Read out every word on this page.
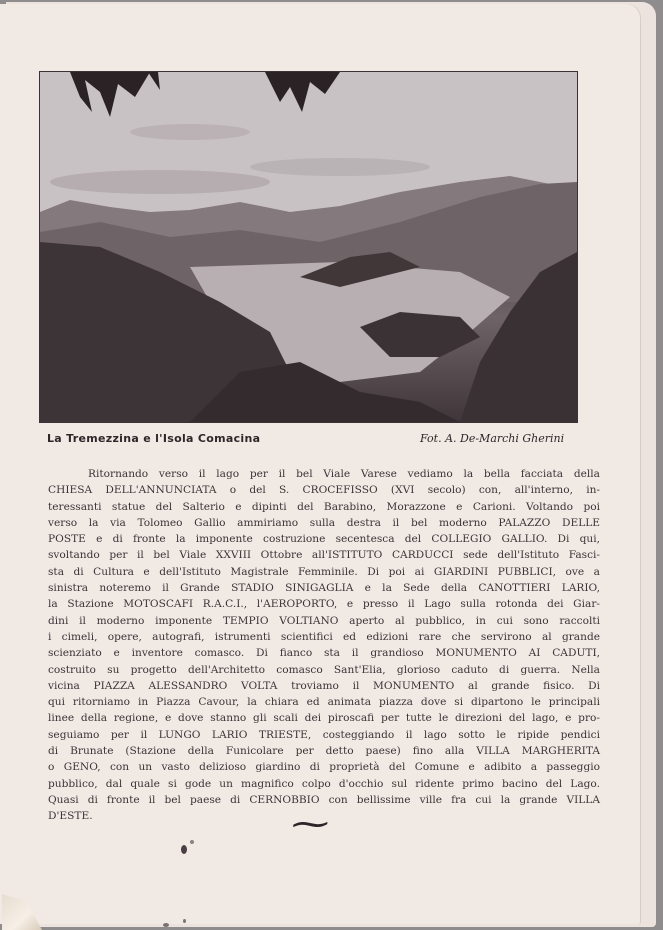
La Tremezzina e l'Isola Comacina	Fot. A. De-Marchi Gherini
Ritornando verso il lago per il bel Viale Varese vediamo la bella facciata della
CHIESA DELL'ANNUNCIATA o del S. CROCEFISSO (XVI secolo) con, all'interno, in-
teressanti statue del Salterio e dipinti del Barabino, Morazzone e Carioni. Voltando poi
verso la via Tolomeo Gallio ammiriamo sulla destra il bel moderno PALAZZO DELLE
POSTE e di fronte la imponente costruzione secentesca del COLLEGIO GALLIO. Di qui,
svoltando per il bel Viale XXVIII Ottobre all'ISTITUTO CARDUCCI sede dell'Istituto Fasci-
sta di Cultura e dell'Istituto Magistrale Femminile. Di poi ai GIARDINI PUBBLICI, ove a
sinistra noteremo il Grande STADIO SINIGAGLIA e la Sede della CANOTTIERI LARIO,
la Stazione MOTOSCAFI R.A.C.I., l'AEROPORTO, e presso il Lago sulla rotonda dei Giar-
dini il moderno imponente TEMPIO VOLTIANO aperto al pubblico, in cui sono raccolti
i cimeli, opere, autografi, istrumenti scientifici ed edizioni rare che servirono al grande
scienziato e inventore comasco. Di fianco sta il grandioso MONUMENTO AI CADUTI,
costruito su progetto dell'Architetto comasco Sant'Elia, glorioso caduto di guerra. Nella
vicina PIAZZA ALESSANDRO VOLTA troviamo il MONUMENTO al grande fisico. Di
qui ritorniamo in Piazza Cavour, la chiara ed animata piazza dove si dipartono le principali
linee della regione, e dove stanno gli scali dei piroscafi per tutte le direzioni del lago, e pro-
seguiamo per il LUNGO LARIO TRIESTE, costeggiando il lago sotto le ripide pendici
di Brunate (Stazione della Funicolare per detto paese) fino alla VILLA MARGHERITA
o GENO, con un vasto delizioso giardino di proprietà del Comune e adibito a passeggio
pubblico, dal quale si gode un magnifico colpo d'occhio sul ridente primo bacino del Lago.
Quasi di fronte il bel paese di CERNOBBIO con bellissime ville fra cui la grande VILLA
D'ESTE.	~
